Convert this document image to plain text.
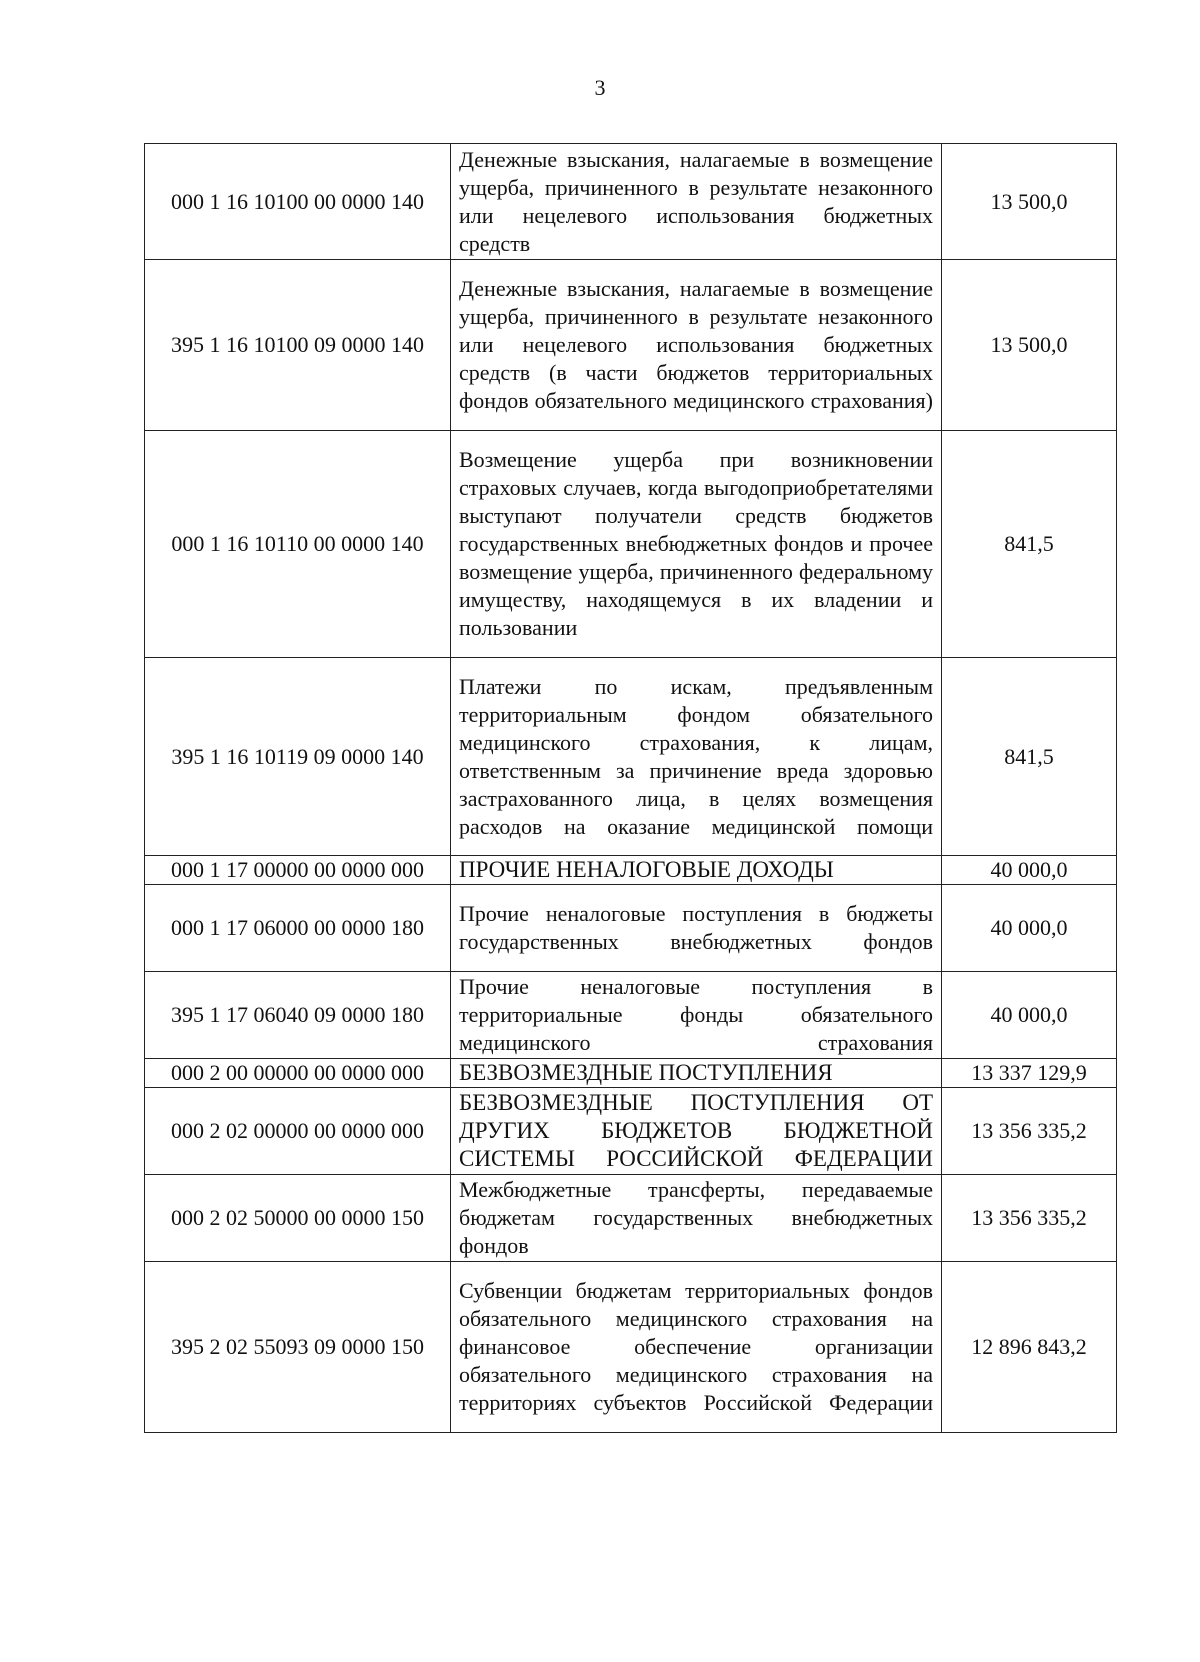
3
000 1 16 10100 00 0000 140	Денежные взыскания, налагаемые в возмещение ущерба, причиненного в результате незаконного или нецелевого использования бюджетных средств	13 500,0
395 1 16 10100 09 0000 140	Денежные взыскания, налагаемые в возмещение ущерба, причиненного в результате незаконного или нецелевого использования бюджетных средств (в части бюджетов территориальных фондов обязательного медицинского страхования)	13 500,0
000 1 16 10110 00 0000 140	Возмещение ущерба при возникновении страховых случаев, когда выгодоприобретателями выступают получатели средств бюджетов государственных внебюджетных фондов и прочее возмещение ущерба, причиненного федеральному имуществу, находящемуся в их владении и пользовании	841,5
395 1 16 10119 09 0000 140	Платежи по искам, предъявленным территориальным фондом обязательного медицинского страхования, к лицам, ответственным за причинение вреда здоровью застрахованного лица, в целях возмещения расходов на оказание медицинской помощи	841,5
000 1 17 00000 00 0000 000	ПРОЧИЕ НЕНАЛОГОВЫЕ ДОХОДЫ	40 000,0
000 1 17 06000 00 0000 180	Прочие неналоговые поступления в бюджеты государственных внебюджетных фондов	40 000,0
395 1 17 06040 09 0000 180	Прочие неналоговые поступления в территориальные фонды обязательного медицинского страхования	40 000,0
000 2 00 00000 00 0000 000	БЕЗВОЗМЕЗДНЫЕ ПОСТУПЛЕНИЯ	13 337 129,9
000 2 02 00000 00 0000 000	БЕЗВОЗМЕЗДНЫЕ ПОСТУПЛЕНИЯ ОТ ДРУГИХ БЮДЖЕТОВ БЮДЖЕТНОЙ СИСТЕМЫ РОССИЙСКОЙ ФЕДЕРАЦИИ	13 356 335,2
000 2 02 50000 00 0000 150	Межбюджетные трансферты, передаваемые бюджетам государственных внебюджетных фондов	13 356 335,2
395 2 02 55093 09 0000 150	Субвенции бюджетам территориальных фондов обязательного медицинского страхования на финансовое обеспечение организации обязательного медицинского страхования на территориях субъектов Российской Федерации	12 896 843,2
